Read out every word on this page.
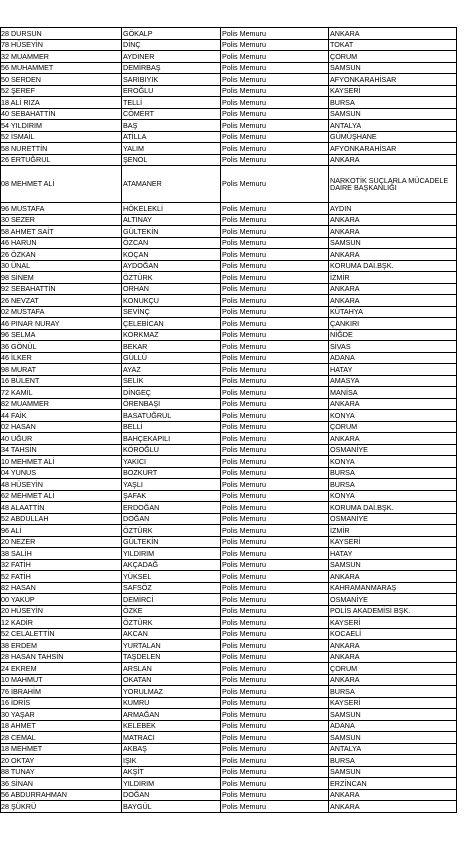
28 DURSUN	GÖKALP	Polis Memuru	ANKARA
78 HÜSEYİN	DİNÇ	Polis Memuru	TOKAT
32 MUAMMER	AYDINER	Polis Memuru	ÇORUM
56 MUHAMMET	DEMİRBAŞ	Polis Memuru	SAMSUN
50 SERDEN	SARIBIYIK	Polis Memuru	AFYONKARAHİSAR
52 ŞEREF	EROĞLU	Polis Memuru	KAYSERİ
18 ALİ RIZA	TELLİ	Polis Memuru	BURSA
40 SEBAHATTİN	CÖMERT	Polis Memuru	SAMSUN
54 YILDIRIM	BAŞ	Polis Memuru	ANTALYA
52 İSMAİL	ATİLLA	Polis Memuru	GÜMÜŞHANE
58 NURETTİN	YALIM	Polis Memuru	AFYONKARAHİSAR
26 ERTUĞRUL	ŞENOL	Polis Memuru	ANKARA
08 MEHMET ALİ	ATAMANER	Polis Memuru	NARKOTİK SUÇLARLA MÜCADELE DAİRE BAŞKANLIĞI
96 MUSTAFA	HÖKELEKLİ	Polis Memuru	AYDIN
30 SEZER	ALTINAY	Polis Memuru	ANKARA
58 AHMET SAİT	GÜLTEKİN	Polis Memuru	ANKARA
46 HARUN	ÖZCAN	Polis Memuru	SAMSUN
26 ÖZKAN	KOÇAN	Polis Memuru	ANKARA
30 ÜNAL	AYDOĞAN	Polis Memuru	KORUMA DAİ.BŞK.
98 SİNEM	ÖZTÜRK	Polis Memuru	İZMİR
92 SEBAHATTİN	ORHAN	Polis Memuru	ANKARA
26 NEVZAT	KONUKÇU	Polis Memuru	ANKARA
02 MUSTAFA	SEVİNÇ	Polis Memuru	KÜTAHYA
46 PINAR NURAY	ÇELEBİCAN	Polis Memuru	ÇANKIRI
96 SELMA	KORKMAZ	Polis Memuru	NİĞDE
36 GÖNÜL	BEKAR	Polis Memuru	SİVAS
46 İLKER	GÜLLÜ	Polis Memuru	ADANA
98 MURAT	AYAZ	Polis Memuru	HATAY
16 BÜLENT	SELİK	Polis Memuru	AMASYA
72 KAMİL	DİNGEÇ	Polis Memuru	MANİSA
82 MUAMMER	ÖRENBAŞI	Polis Memuru	ANKARA
44 FAİK	BASATUĞRUL	Polis Memuru	KONYA
02 HASAN	BELLİ	Polis Memuru	ÇORUM
40 UĞUR	BAHÇEKAPILI	Polis Memuru	ANKARA
34 TAHSİN	KÖROĞLU	Polis Memuru	OSMANİYE
10 MEHMET ALİ	YAKICI	Polis Memuru	KONYA
04 YUNUS	BOZKURT	Polis Memuru	BURSA
48 HÜSEYİN	YAŞLI	Polis Memuru	BURSA
62 MEHMET ALİ	ŞAFAK	Polis Memuru	KONYA
48 ALAATTİN	ERDOĞAN	Polis Memuru	KORUMA DAİ.BŞK.
52 ABDULLAH	DOĞAN	Polis Memuru	OSMANİYE
96 ALİ	ÖZTÜRK	Polis Memuru	İZMİR
20 NEZER	GÜLTEKİN	Polis Memuru	KAYSERİ
38 SALİH	YILDIRIM	Polis Memuru	HATAY
32 FATİH	AKÇADAĞ	Polis Memuru	SAMSUN
52 FATİH	YÜKSEL	Polis Memuru	ANKARA
82 HASAN	SAFSÖZ	Polis Memuru	KAHRAMANMARAŞ
00 YAKUP	DEMİRCİ	Polis Memuru	OSMANİYE
20 HÜSEYİN	ÖZKE	Polis Memuru	POLİS AKADEMİSİ BŞK.
12 KADİR	ÖZTÜRK	Polis Memuru	KAYSERİ
52 CELALETTİN	AKCAN	Polis Memuru	KOCAELİ
38 ERDEM	YURTALAN	Polis Memuru	ANKARA
28 HASAN TAHSİN	TAŞDELEN	Polis Memuru	ANKARA
24 EKREM	ARSLAN	Polis Memuru	ÇORUM
10 MAHMUT	OKATAN	Polis Memuru	ANKARA
76 İBRAHİM	YORULMAZ	Polis Memuru	BURSA
16 İDRİS	KUMRU	Polis Memuru	KAYSERİ
30 YAŞAR	ARMAĞAN	Polis Memuru	SAMSUN
18 AHMET	KELEBEK	Polis Memuru	ADANA
28 CEMAL	MATRACI	Polis Memuru	SAMSUN
18 MEHMET	AKBAŞ	Polis Memuru	ANTALYA
20 OKTAY	IŞIK	Polis Memuru	BURSA
88 TUNAY	AKŞİT	Polis Memuru	SAMSUN
36 SİNAN	YILDIRIM	Polis Memuru	ERZİNCAN
56 ABDURRAHMAN	DOĞAN	Polis Memuru	ANKARA
28 ŞÜKRÜ	BAYGÜL	Polis Memuru	ANKARA
